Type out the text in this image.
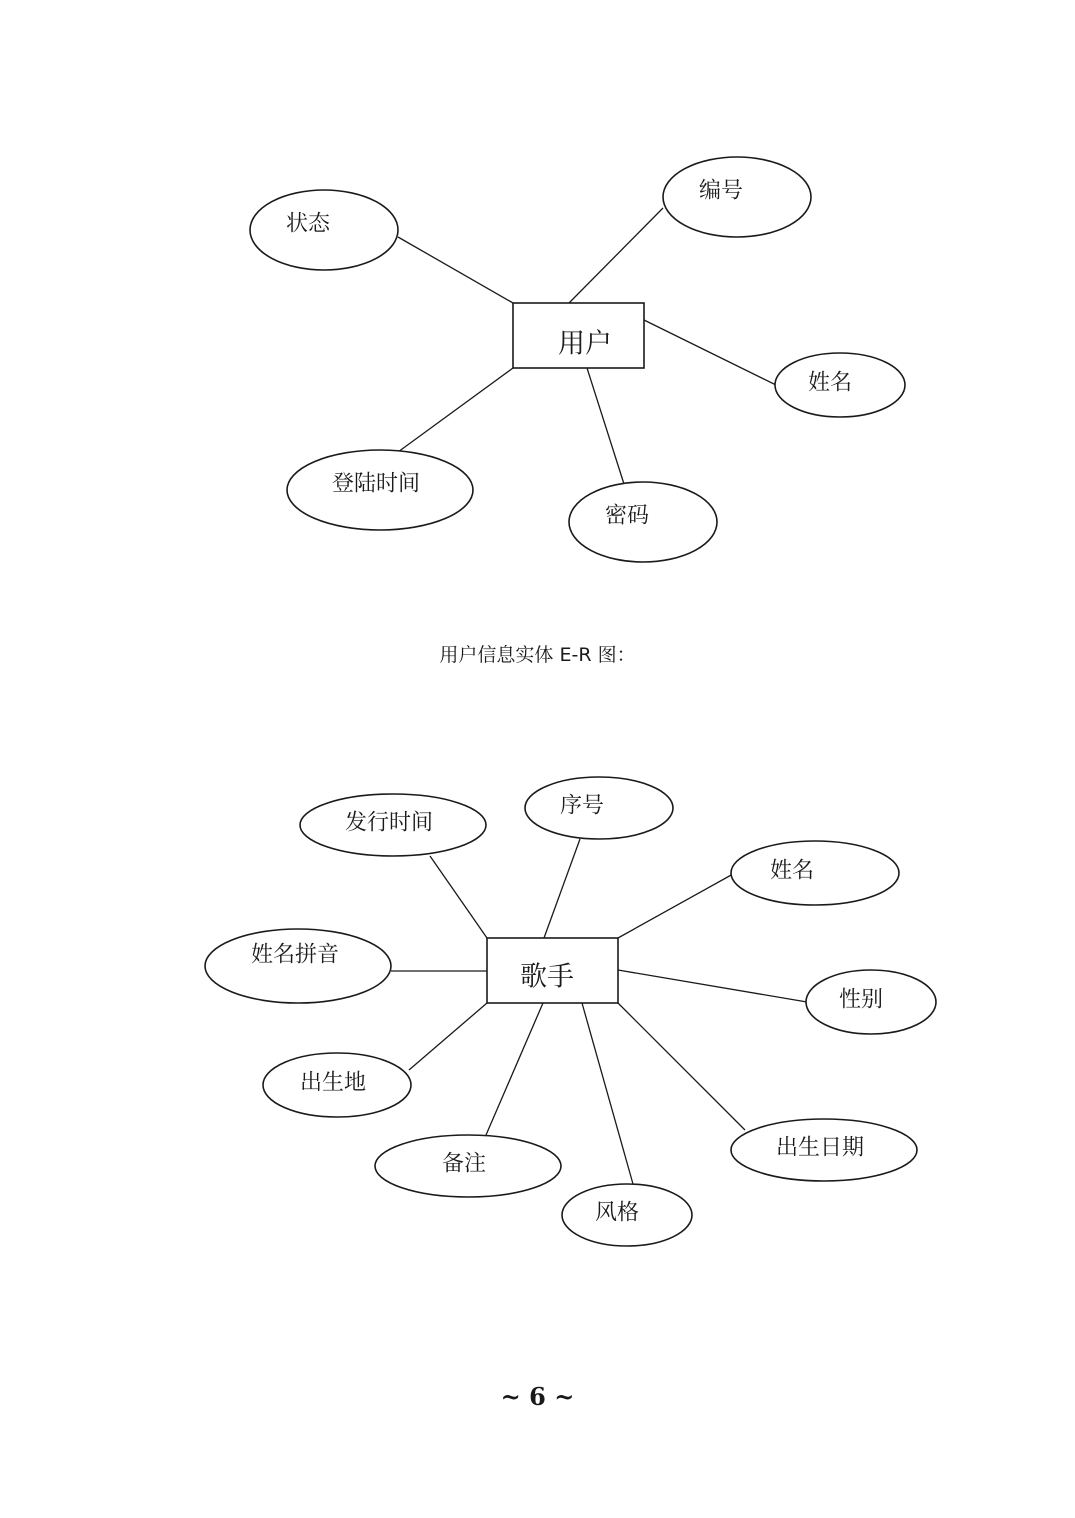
状态
编号
姓名
密码
登陆时间
用户
用户信息实体 E-R 图：
发行时间
序号
姓名
姓名拼音
性别
出生地
出生日期
备注
风格
歌手
~ 6 ~
